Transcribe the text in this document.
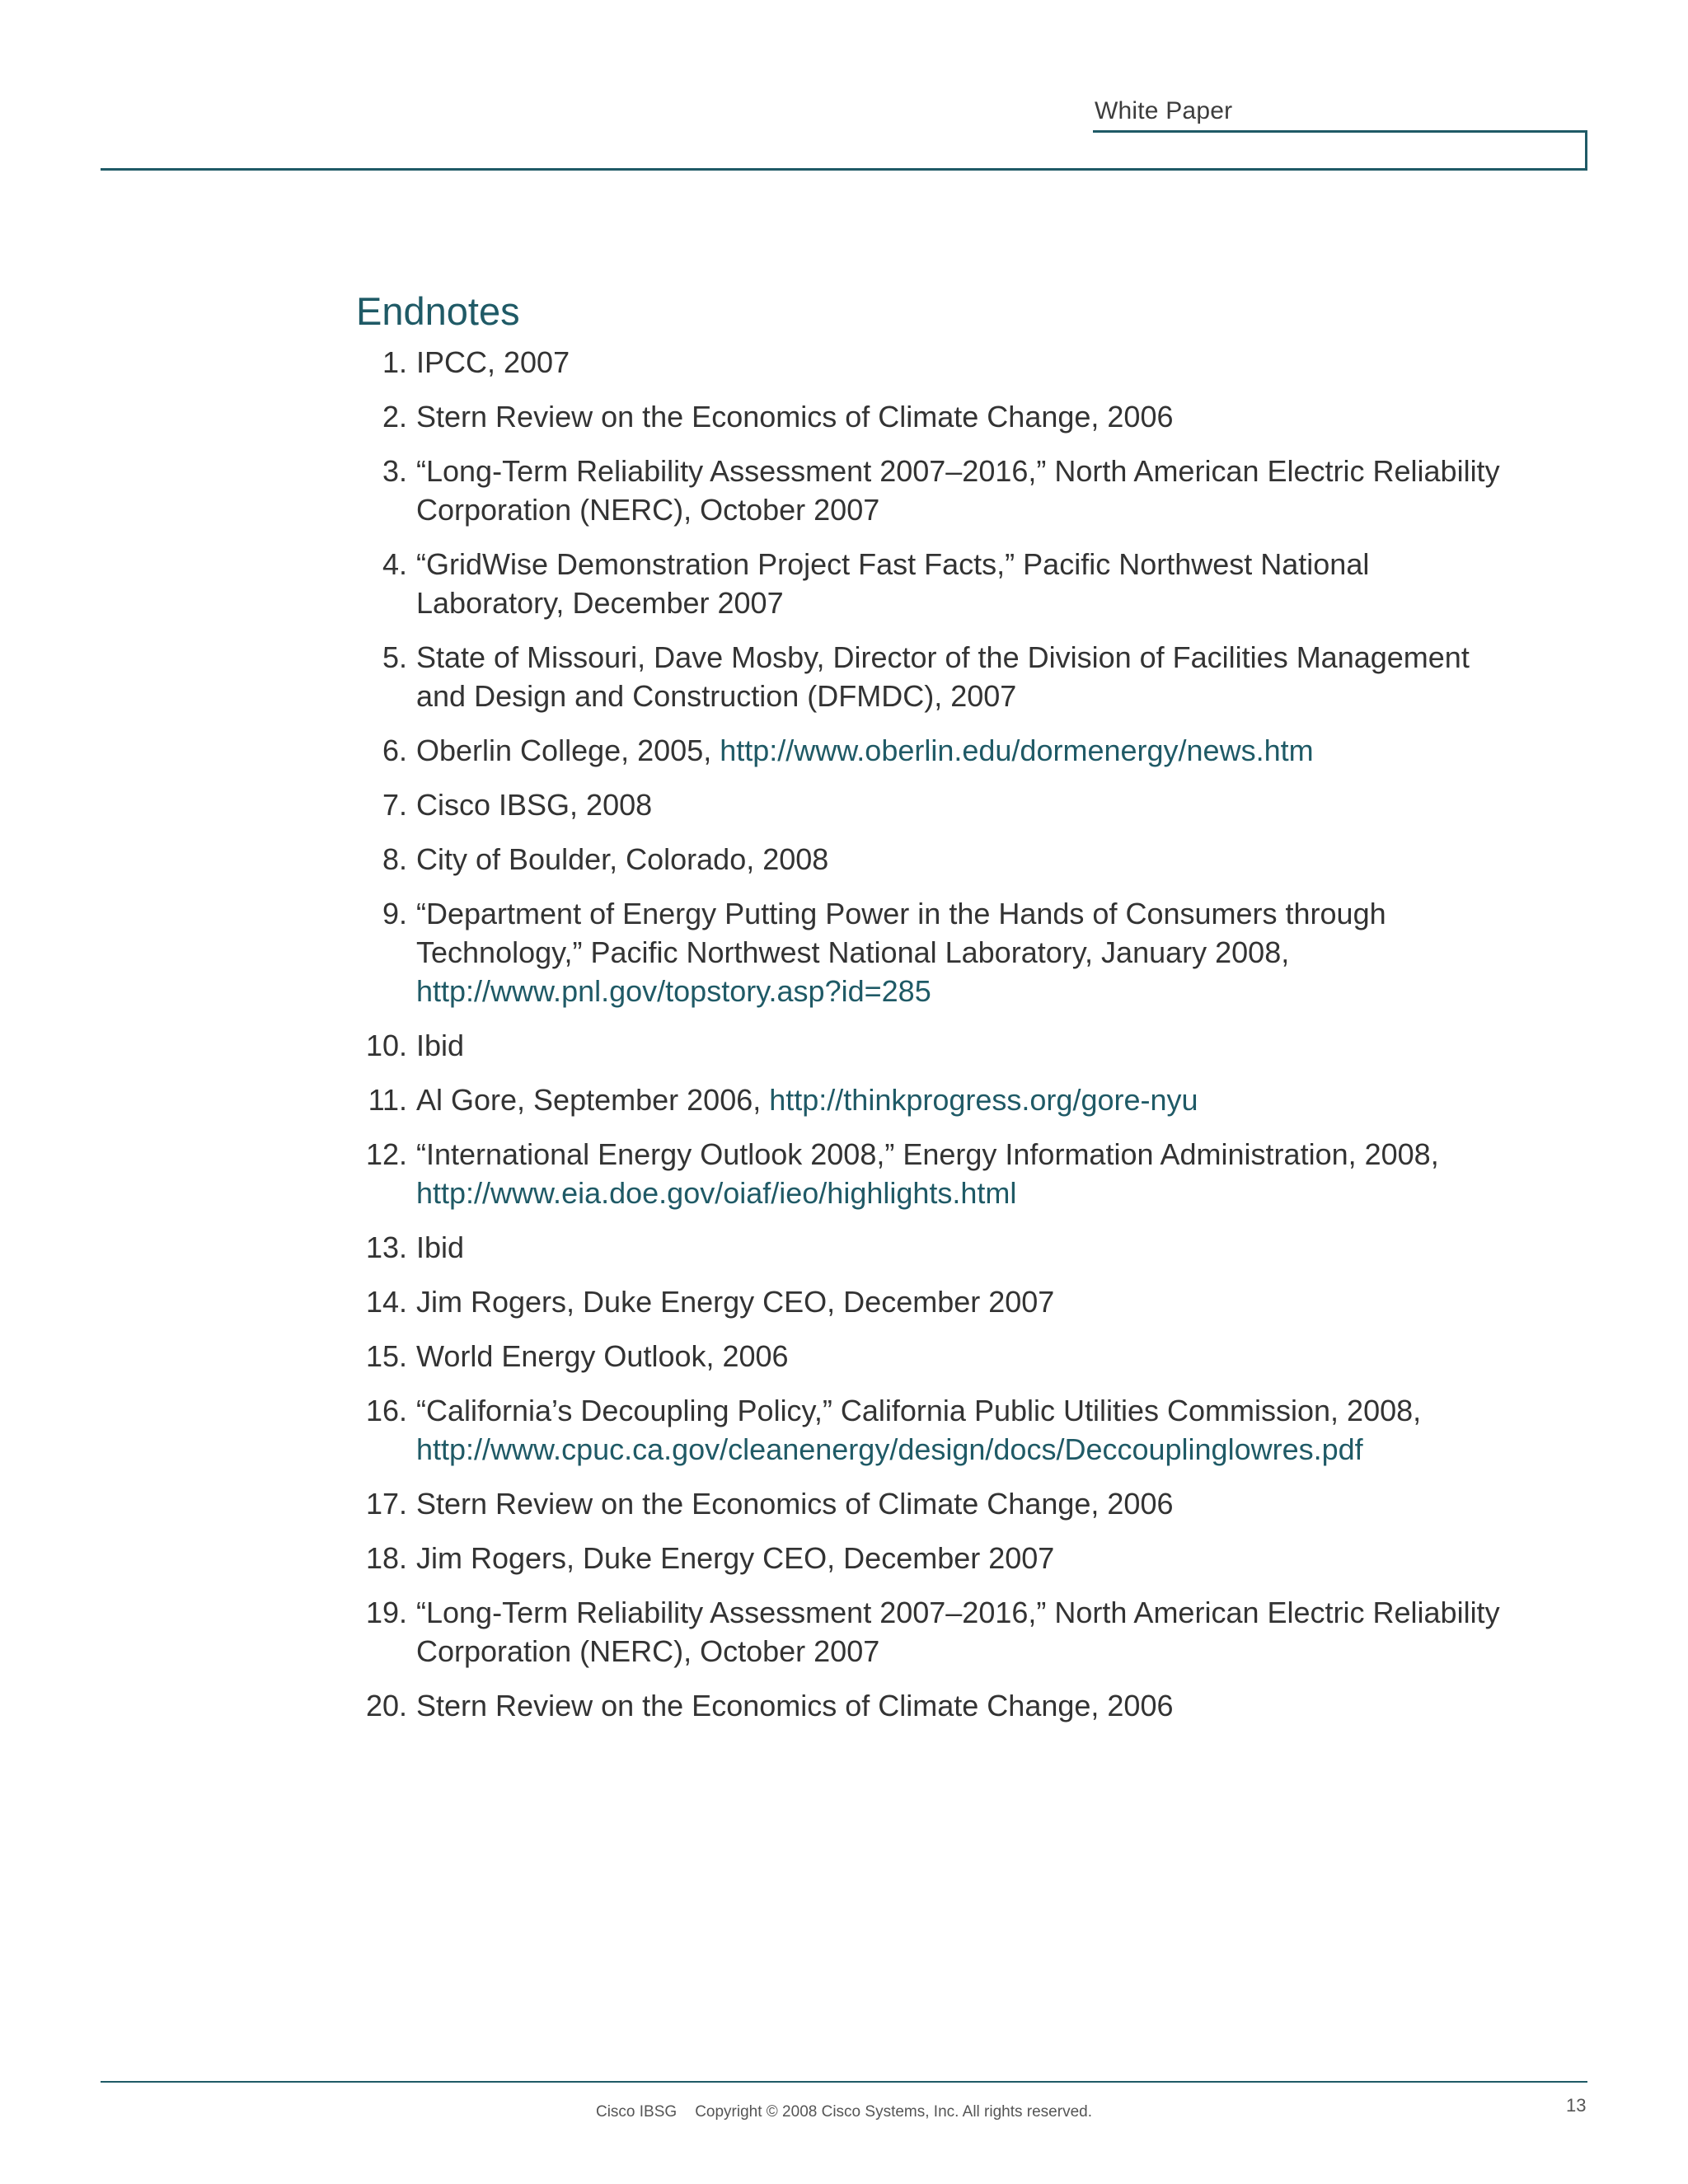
White Paper
Endnotes
1. IPCC, 2007
2. Stern Review on the Economics of Climate Change, 2006
3. “Long-Term Reliability Assessment 2007–2016,” North American Electric Reliability Corporation (NERC), October 2007
4. “GridWise Demonstration Project Fast Facts,” Pacific Northwest National Laboratory, December 2007
5. State of Missouri, Dave Mosby, Director of the Division of Facilities Management and Design and Construction (DFMDC), 2007
6. Oberlin College, 2005, http://www.oberlin.edu/dormenergy/news.htm
7. Cisco IBSG, 2008
8. City of Boulder, Colorado, 2008
9. “Department of Energy Putting Power in the Hands of Consumers through Technology,” Pacific Northwest National Laboratory, January 2008, http://www.pnl.gov/topstory.asp?id=285
10. Ibid
11. Al Gore, September 2006, http://thinkprogress.org/gore-nyu
12. “International Energy Outlook 2008,” Energy Information Administration, 2008, http://www.eia.doe.gov/oiaf/ieo/highlights.html
13. Ibid
14. Jim Rogers, Duke Energy CEO, December 2007
15. World Energy Outlook, 2006
16. “California’s Decoupling Policy,” California Public Utilities Commission, 2008, http://www.cpuc.ca.gov/cleanenergy/design/docs/Deccouplinglowres.pdf
17. Stern Review on the Economics of Climate Change, 2006
18. Jim Rogers, Duke Energy CEO, December 2007
19. “Long-Term Reliability Assessment 2007–2016,” North American Electric Reliability Corporation (NERC), October 2007
20. Stern Review on the Economics of Climate Change, 2006
Cisco IBSG Copyright © 2008 Cisco Systems, Inc. All rights reserved.	13
